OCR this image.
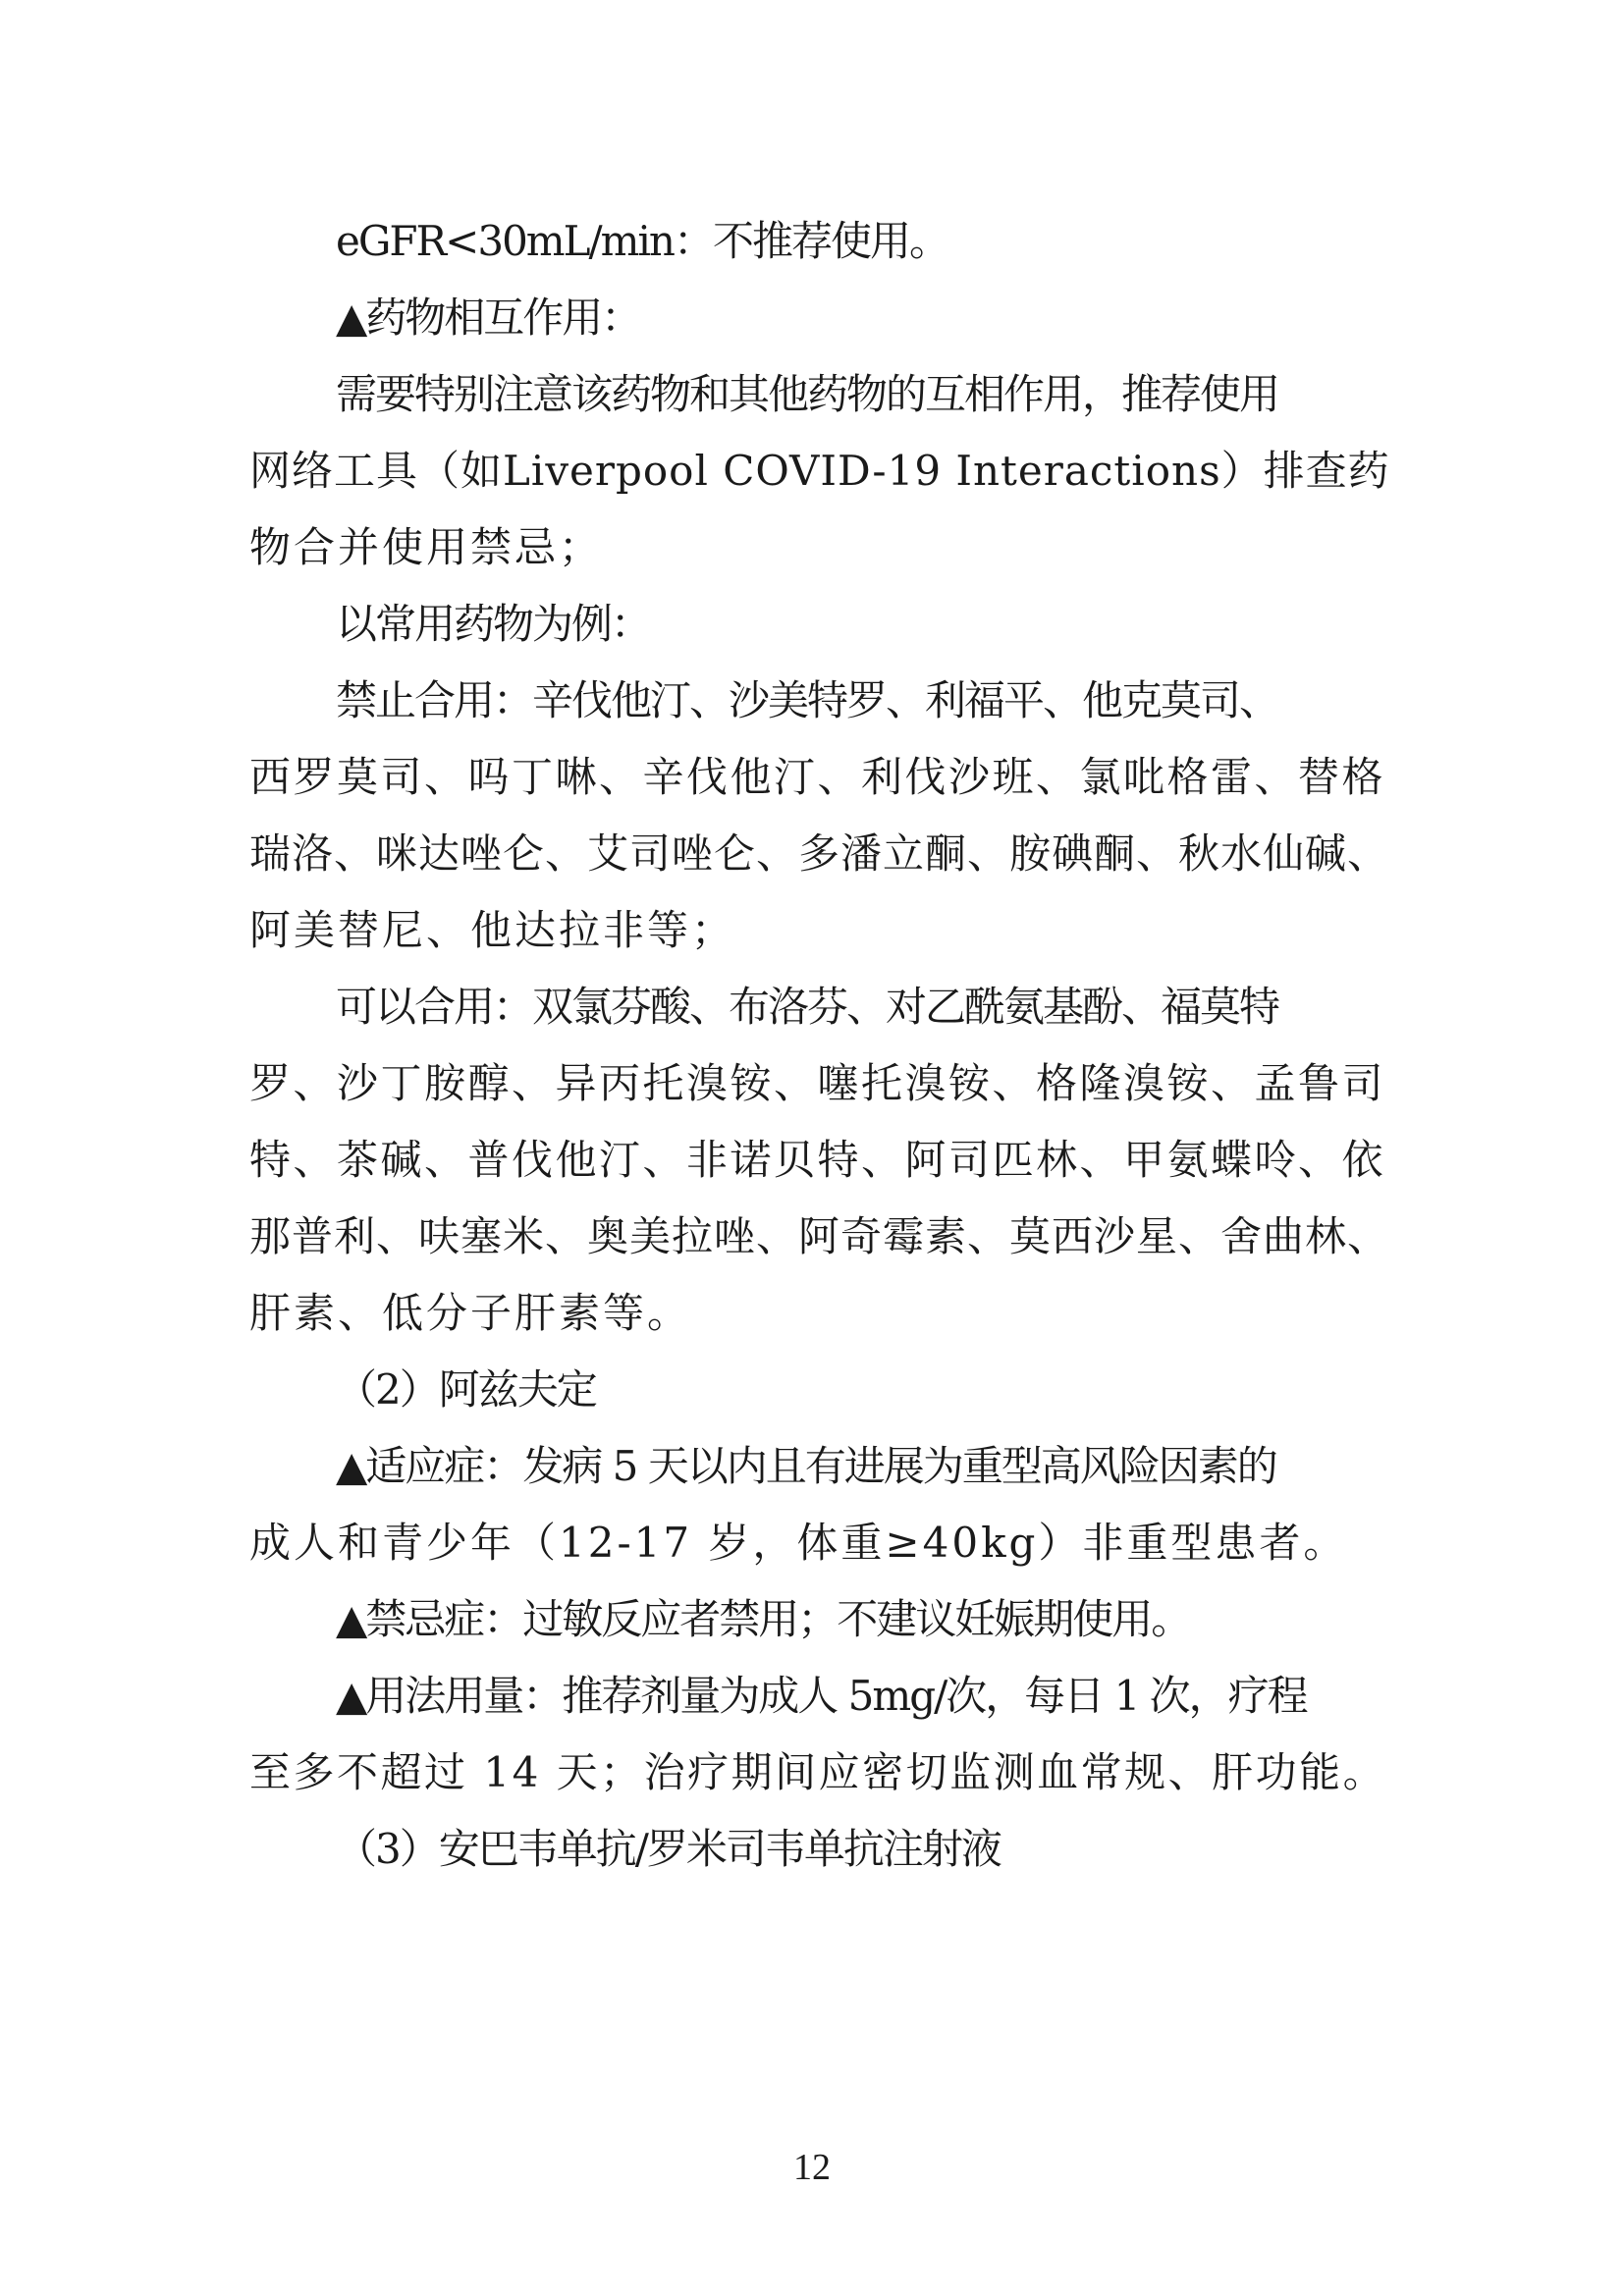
eGFR<30mL/min：不推荐使用。
▲药物相互作用：
需要特别注意该药物和其他药物的互相作用，推荐使用
网络工具（如Liverpool COVID-19 Interactions）排查药
物合并使用禁忌；
以常用药物为例：
禁止合用：辛伐他汀、沙美特罗、利福平、他克莫司、
西罗莫司、吗丁啉、辛伐他汀、利伐沙班、氯吡格雷、替格
瑞洛、咪达唑仑、艾司唑仑、多潘立酮、胺碘酮、秋水仙碱、
阿美替尼、他达拉非等；
可以合用：双氯芬酸、布洛芬、对乙酰氨基酚、福莫特
罗、沙丁胺醇、异丙托溴铵、噻托溴铵、格隆溴铵、孟鲁司
特、茶碱、普伐他汀、非诺贝特、阿司匹林、甲氨蝶呤、依
那普利、呋塞米、奥美拉唑、阿奇霉素、莫西沙星、舍曲林、
肝素、低分子肝素等。
（2）阿兹夫定
▲适应症：发病 5 天以内且有进展为重型高风险因素的
成人和青少年（12-17 岁，体重≥40kg）非重型患者。
▲禁忌症：过敏反应者禁用；不建议妊娠期使用。
▲用法用量：推荐剂量为成人 5mg/次，每日 1 次，疗程
至多不超过 14 天；治疗期间应密切监测血常规、肝功能。
（3）安巴韦单抗/罗米司韦单抗注射液
12
